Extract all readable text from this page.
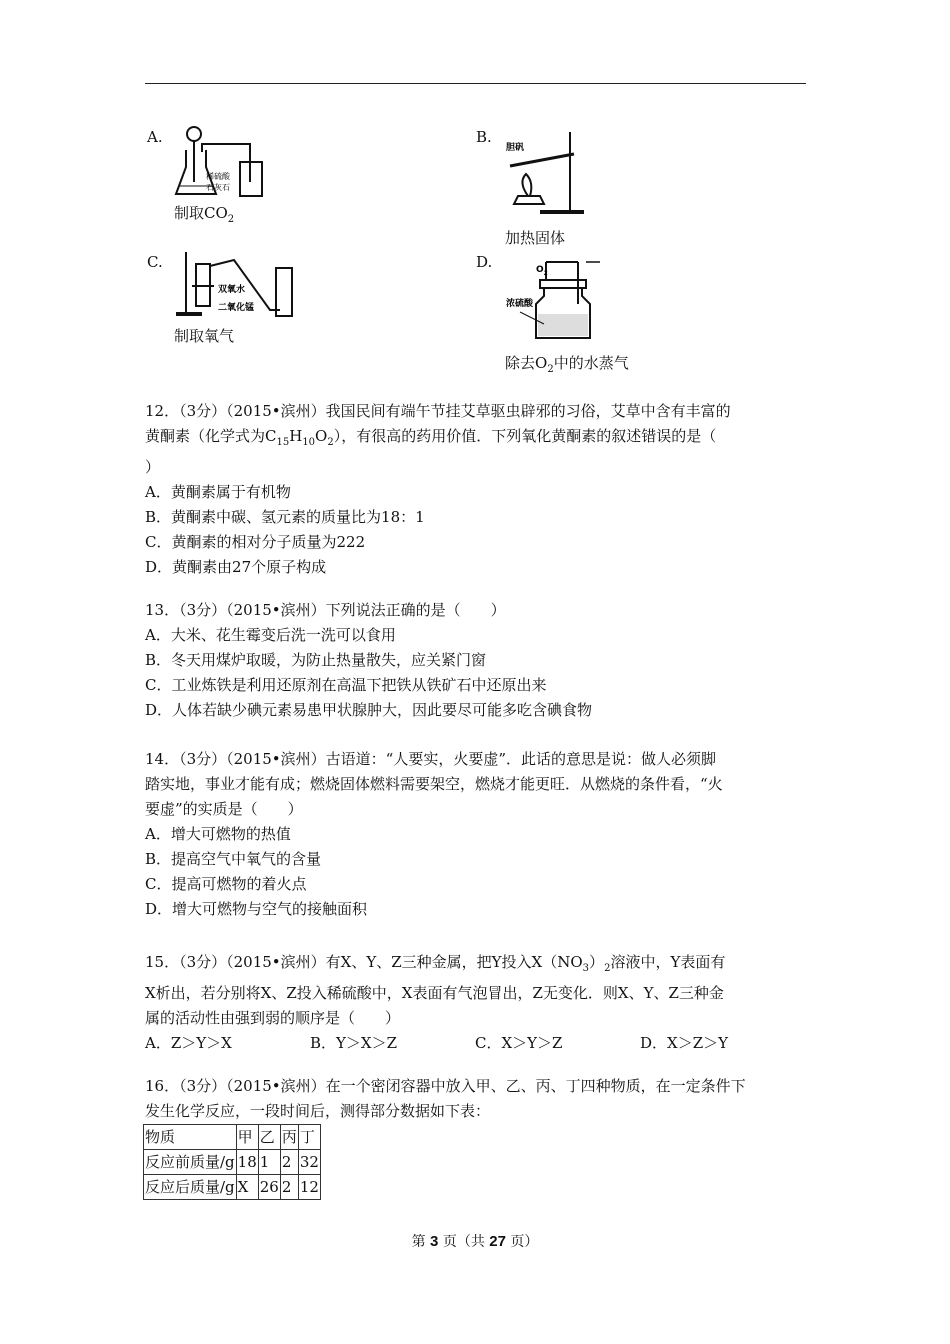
A.
稀硫酸
石灰石
制取$CO_2$
B.
胆矾
加热固体
C.
双氧水
二氧化锰
制取氧气
D.	$O_2$
浓硫酸
除去$O_2$中的水蒸气

12．（3分）（2015•滨州）我国民间有端午节挂艾草驱虫辟邪的习俗，艾草中含有丰富的

黄酮素（化学式为$C_{15}H_{10}O_2$），有很高的药用价值．下列氧化黄酮素的叙述错误的是（

）

A．黄酮素属于有机物

B．黄酮素中碳、氢元素的质量比为18：1

C．黄酮素的相对分子质量为222

D．黄酮素由27个原子构成

13．（3分）（2015•滨州）下列说法正确的是（　　）

A．大米、花生霉变后洗一洗可以食用

B．冬天用煤炉取暖，为防止热量散失，应关紧门窗

C．工业炼铁是利用还原剂在高温下把铁从铁矿石中还原出来

D．人体若缺少碘元素易患甲状腺肿大，因此要尽可能多吃含碘食物

14．（3分）（2015•滨州）古语道：“人要实，火要虚”．此话的意思是说：做人必须脚

踏实地，事业才能有成；燃烧固体燃料需要架空，燃烧才能更旺．从燃烧的条件看，“火

要虚”的实质是（　　）

A．增大可燃物的热值

B．提高空气中氧气的含量

C．提高可燃物的着火点

D．增大可燃物与空气的接触面积

15．（3分）（2015•滨州）有X、Y、Z三种金属，把Y投入$X(NO_3)_2$溶液中，Y表面有

X析出，若分别将X、Z投入稀硫酸中，X表面有气泡冒出，Z无变化．则X、Y、Z三种金

属的活动性由强到弱的顺序是（　　）

A．Z＞Y＞X	B．Y＞X＞Z	C．X＞Y＞Z	D．X＞Z＞Y

16．（3分）（2015•滨州）在一个密闭容器中放入甲、乙、丙、丁四种物质，在一定条件下

发生化学反应，一段时间后，测得部分数据如下表：

物质	甲	乙	丙	丁
反应前质量/g	18	1	2	32
反应后质量/g	X	26	2	12
第 3 页（共 27 页）
